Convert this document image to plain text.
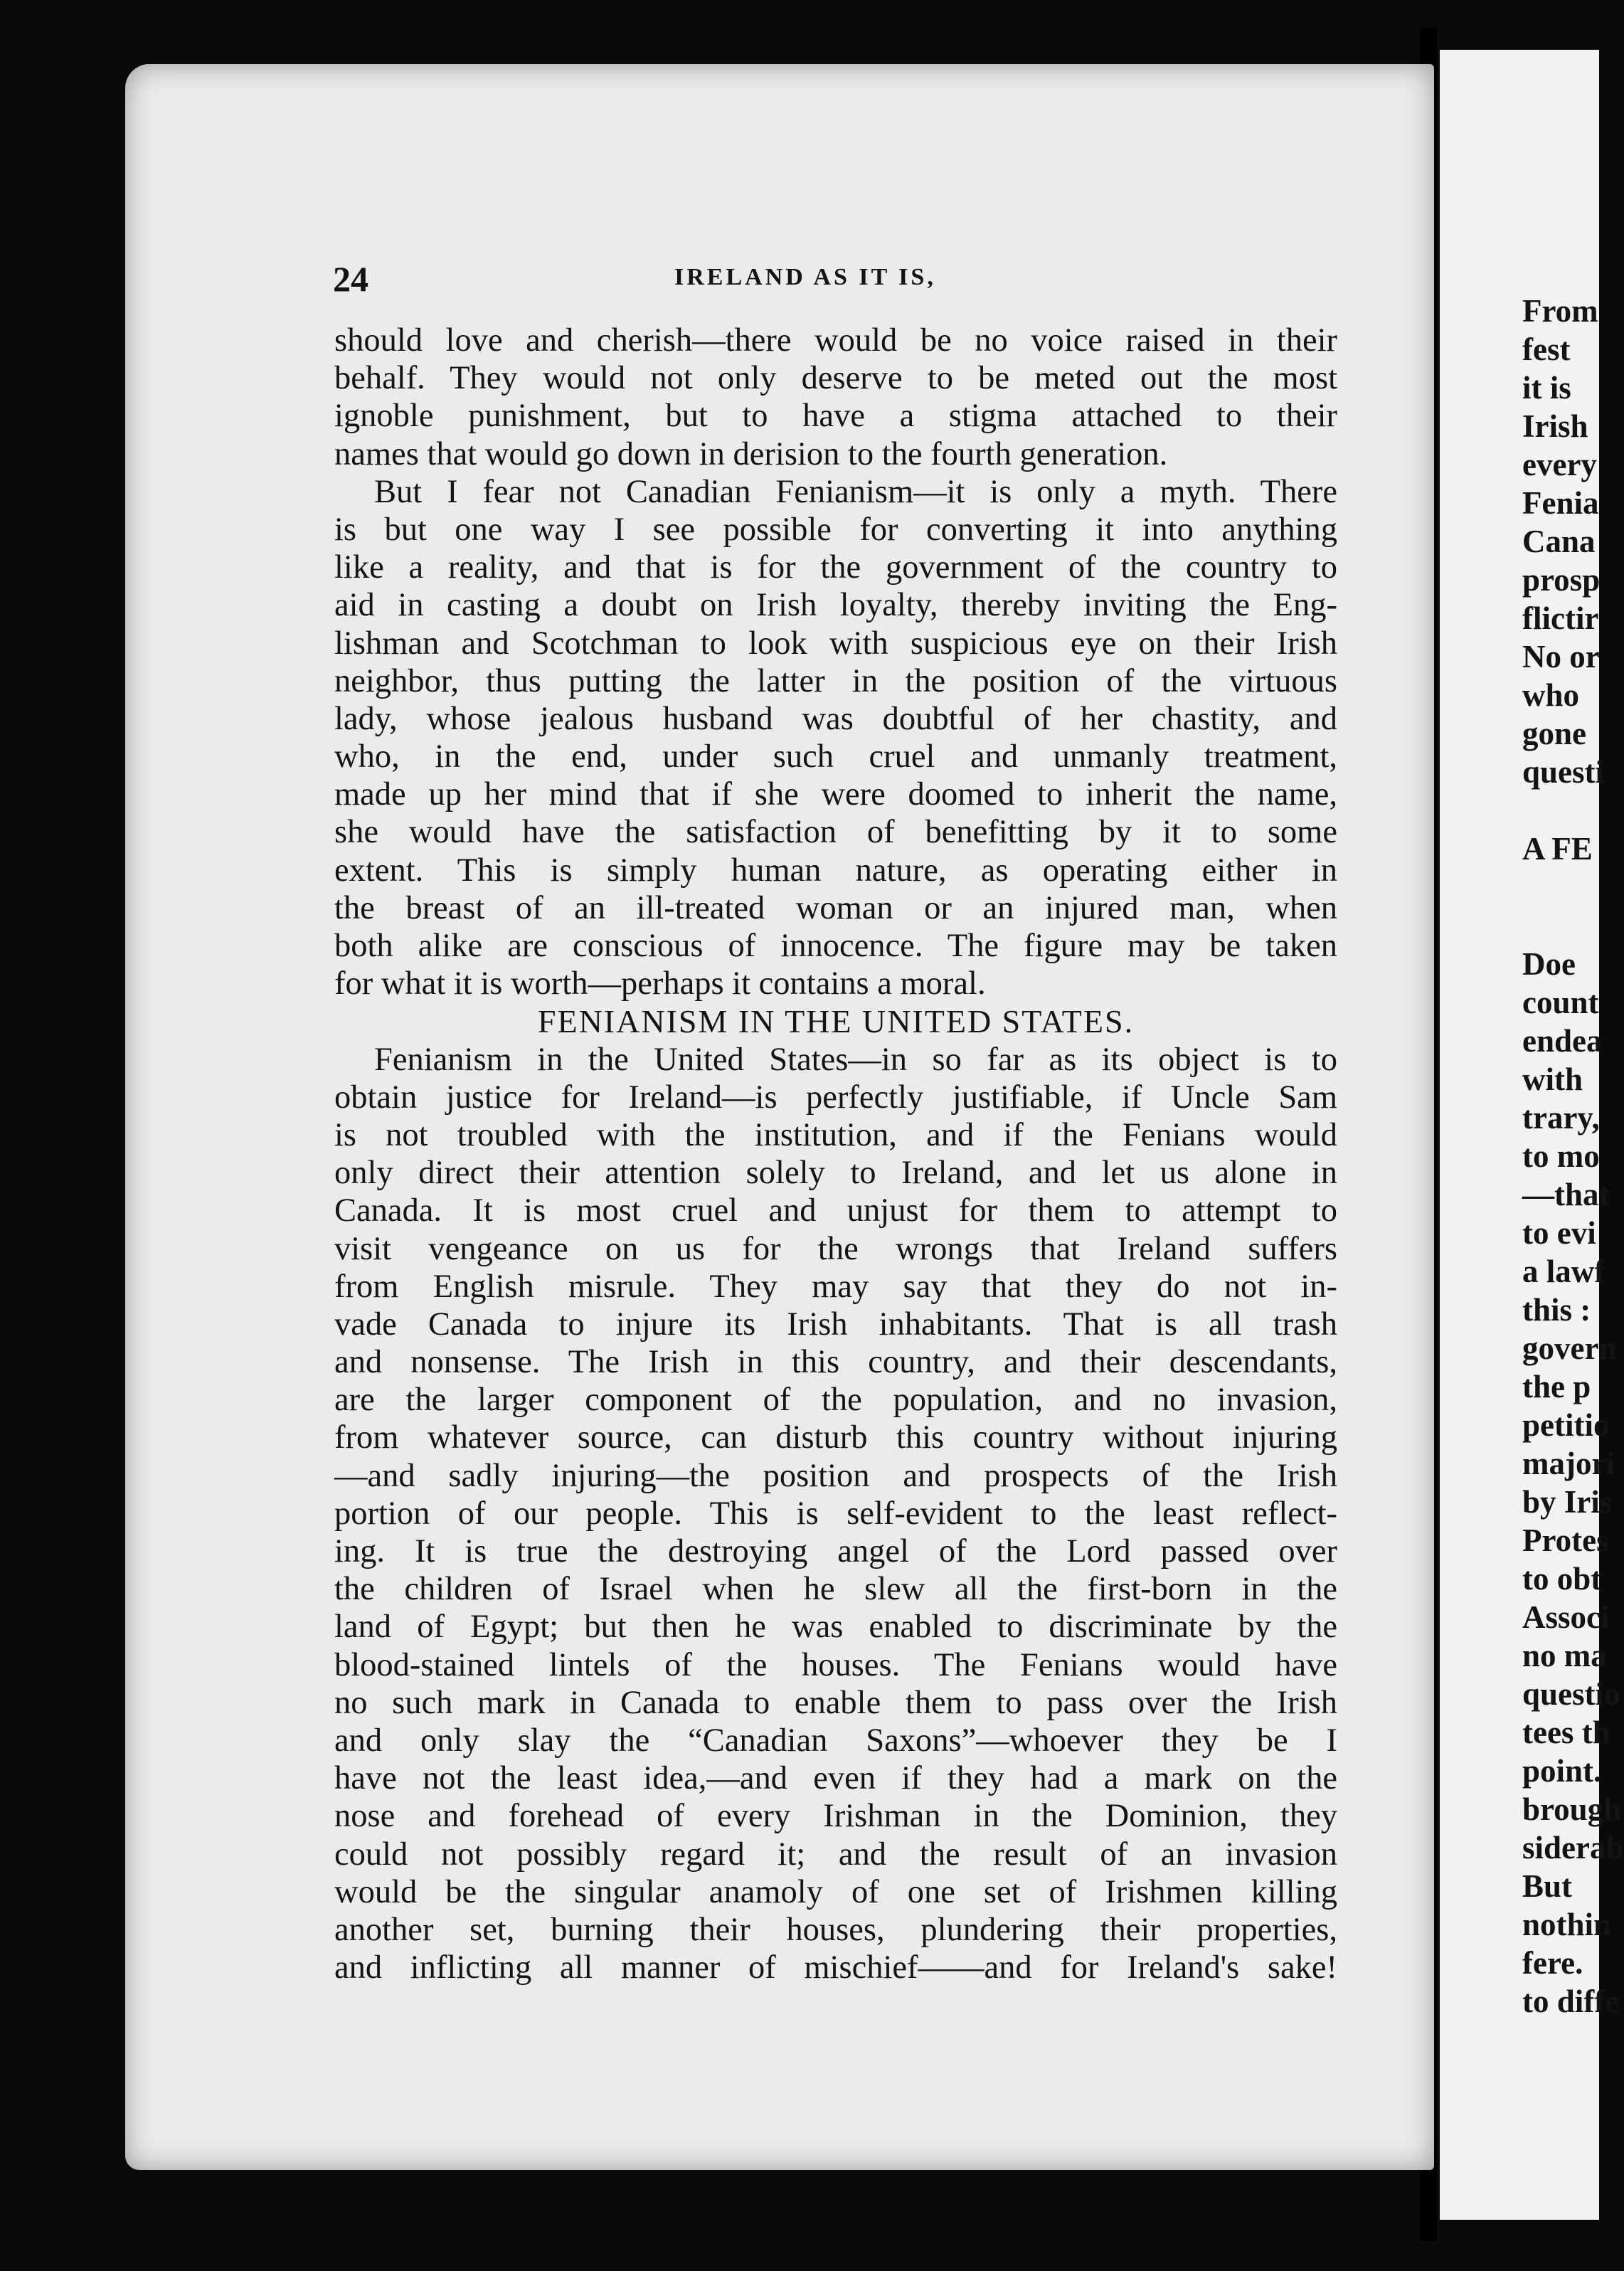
24	IRELAND AS IT IS,
should love and cherish—there would be no voice raised in their
behalf. They would not only deserve to be meted out the most
ignoble punishment, but to have a stigma attached to their
names that would go down in derision to the fourth generation.
But I fear not Canadian Fenianism—it is only a myth. There
is but one way I see possible for converting it into anything
like a reality, and that is for the government of the country to
aid in casting a doubt on Irish loyalty, thereby inviting the Eng-
lishman and Scotchman to look with suspicious eye on their Irish
neighbor, thus putting the latter in the position of the virtuous
lady, whose jealous husband was doubtful of her chastity, and
who, in the end, under such cruel and unmanly treatment,
made up her mind that if she were doomed to inherit the name,
she would have the satisfaction of benefitting by it to some
extent. This is simply human nature, as operating either in
the breast of an ill-treated woman or an injured man, when
both alike are conscious of innocence. The figure may be taken
for what it is worth—perhaps it contains a moral.
FENIANISM IN THE UNITED STATES.
Fenianism in the United States—in so far as its object is to
obtain justice for Ireland—is perfectly justifiable, if Uncle Sam
is not troubled with the institution, and if the Fenians would
only direct their attention solely to Ireland, and let us alone in
Canada. It is most cruel and unjust for them to attempt to
visit vengeance on us for the wrongs that Ireland suffers
from English misrule. They may say that they do not in-
vade Canada to injure its Irish inhabitants. That is all trash
and nonsense. The Irish in this country, and their descendants,
are the larger component of the population, and no invasion,
from whatever source, can disturb this country without injuring
—and sadly injuring—the position and prospects of the Irish
portion of our people. This is self-evident to the least reflect-
ing. It is true the destroying angel of the Lord passed over
the children of Israel when he slew all the first-born in the
land of Egypt; but then he was enabled to discriminate by the
blood-stained lintels of the houses. The Fenians would have
no such mark in Canada to enable them to pass over the Irish
and only slay the “Canadian Saxons”—whoever they be I
have not the least idea,—and even if they had a mark on the
nose and forehead of every Irishman in the Dominion, they
could not possibly regard it; and the result of an invasion
would be the singular anamoly of one set of Irishmen killing
another set, burning their houses, plundering their properties,
and inflicting all manner of mischief——and for Ireland's sake!
From
fest
it is
Irish
every
Fenia
Cana
prosp
flictir
No or
who
gone
questi
A FE
Doe
count
endea
with
trary,
to mo
—that
to evi
a lawf
this :
govern
the p
petitio
majori
by Iris
Protes
to obt
Associ
no ma
questio
tees th
point.
brough
siderab
But
nothin
fere.
to diffe
